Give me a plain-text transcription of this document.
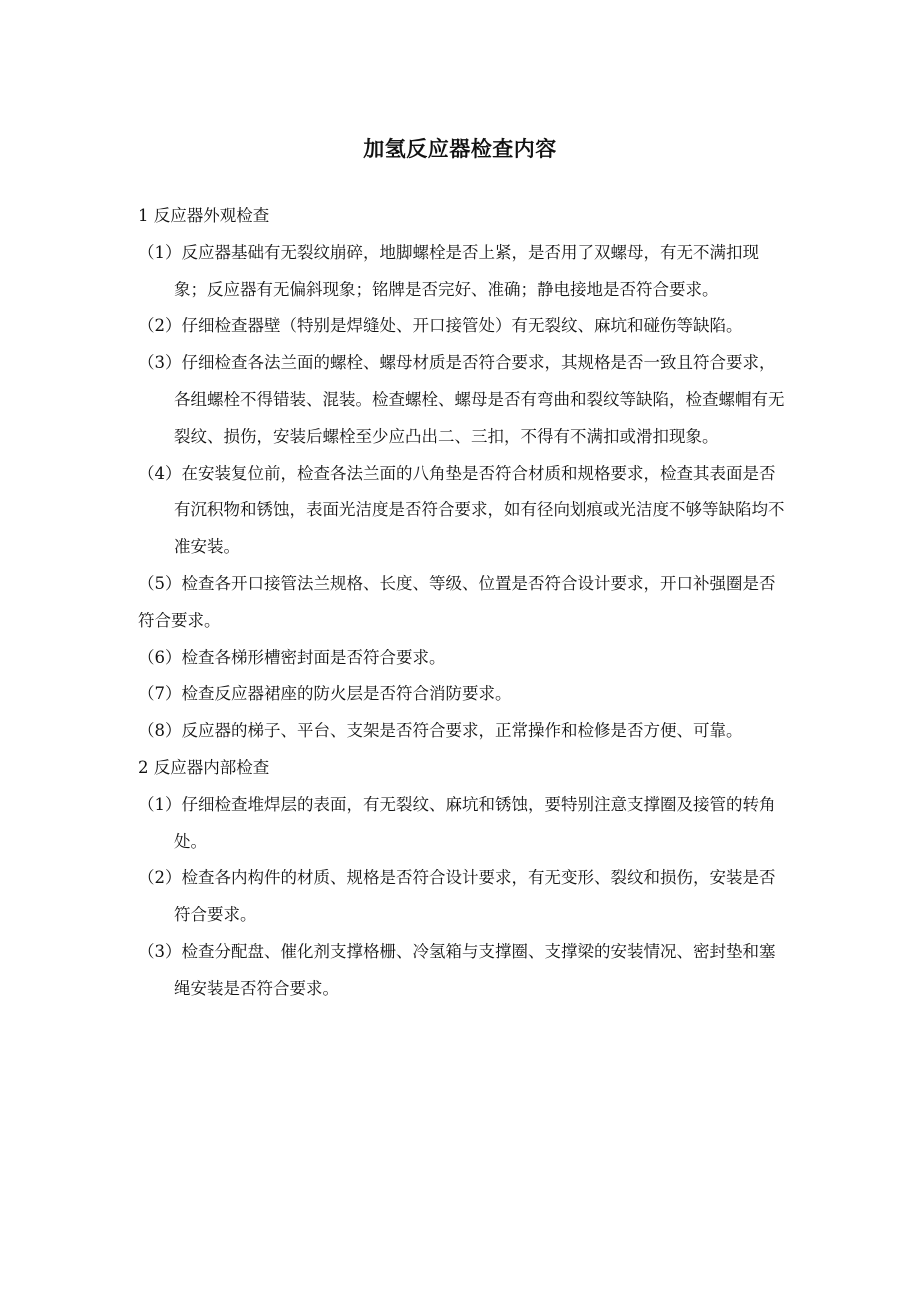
加氢反应器检查内容
1 反应器外观检查
（1）反应器基础有无裂纹崩碎，地脚螺栓是否上紧，是否用了双螺母，有无不满扣现象；反应器有无偏斜现象；铭牌是否完好、准确；静电接地是否符合要求。
（2）仔细检查器壁（特别是焊缝处、开口接管处）有无裂纹、麻坑和碰伤等缺陷。
（3）仔细检查各法兰面的螺栓、螺母材质是否符合要求，其规格是否一致且符合要求，各组螺栓不得错装、混装。检查螺栓、螺母是否有弯曲和裂纹等缺陷，检查螺帽有无裂纹、损伤，安装后螺栓至少应凸出二、三扣，不得有不满扣或滑扣现象。
（4）在安装复位前，检查各法兰面的八角垫是否符合材质和规格要求，检查其表面是否有沉积物和锈蚀，表面光洁度是否符合要求，如有径向划痕或光洁度不够等缺陷均不准安装。
（5）检查各开口接管法兰规格、长度、等级、位置是否符合设计要求，开口补强圈是否符合要求。
（6）检查各梯形槽密封面是否符合要求。
（7）检查反应器裙座的防火层是否符合消防要求。
（8）反应器的梯子、平台、支架是否符合要求，正常操作和检修是否方便、可靠。
2 反应器内部检查
（1）仔细检查堆焊层的表面，有无裂纹、麻坑和锈蚀，要特别注意支撑圈及接管的转角处。
（2）检查各内构件的材质、规格是否符合设计要求，有无变形、裂纹和损伤，安装是否符合要求。
（3）检查分配盘、催化剂支撑格栅、冷氢箱与支撑圈、支撑梁的安装情况、密封垫和塞绳安装是否符合要求。
